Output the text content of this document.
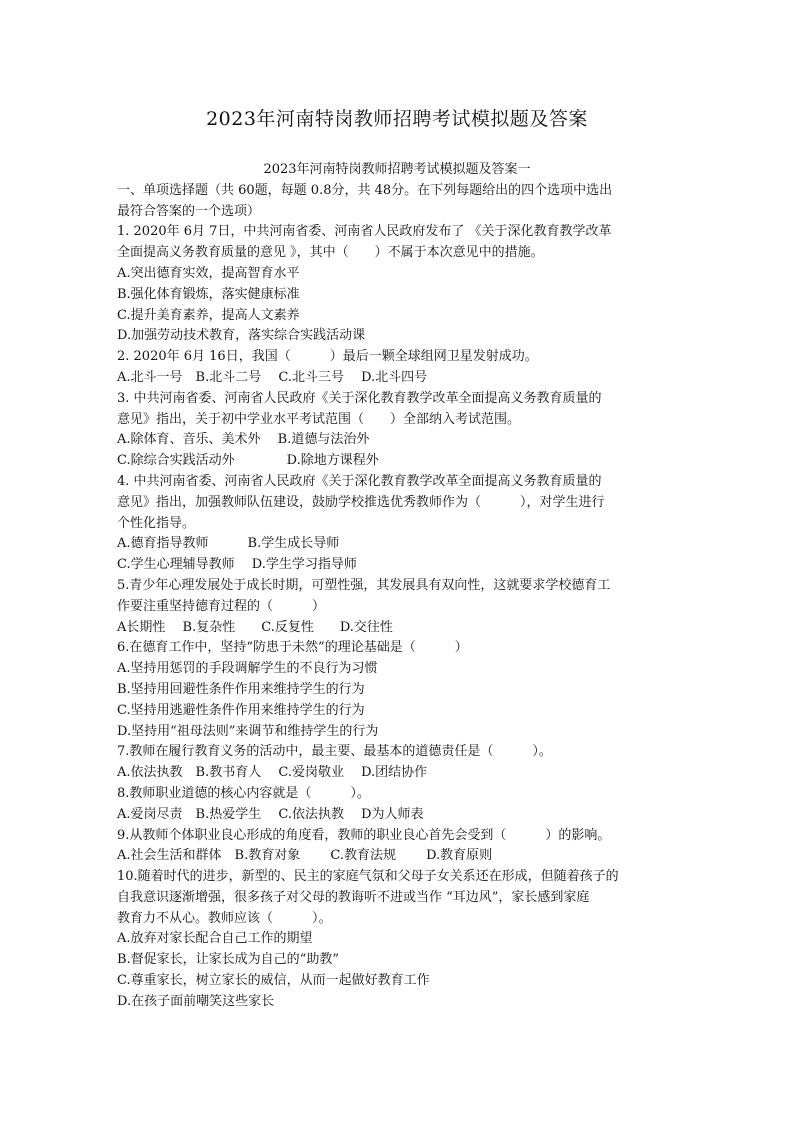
2023年河南特岗教师招聘考试模拟题及答案
2023年河南特岗教师招聘考试模拟题及答案一
一、单项选择题（共 60题，每题 0.8分，共 48分。在下列每题给出的四个选项中选出
最符合答案的一个选项）
1. 2020年 6月 7日，中共河南省委、河南省人民政府发布了 《关于深化教育教学改革
全面提高义务教育质量的意见 》，其中（　　）不属于本次意见中的措施。
A.突出德育实效，提高智育水平
B.强化体育锻炼，落实健康标准
C.提升美育素养，提高人文素养
D.加强劳动技术教育，落实综合实践活动课
2. 2020年 6月 16日，我国（　　　）最后一颗全球组网卫星发射成功。
A.北斗一号　B.北斗二号　 C.北斗三号　 D.北斗四号
3. 中共河南省委、河南省人民政府《关于深化教育教学改革全面提高义务教育质量的
意见》指出，关于初中学业水平考试范围（　　）全部纳入考试范围。
A.除体育、音乐、美术外　 B.道德与法治外
C.除综合实践活动外　　　　D.除地方课程外
4. 中共河南省委、河南省人民政府《关于深化教育教学改革全面提高义务教育质量的
意见》指出，加强教师队伍建设，鼓励学校推选优秀教师作为（　　　），对学生进行
个性化指导。
A.德育指导教师　　　B.学生成长导师
C.学生心理辅导教师　 D.学生学习指导师
5.青少年心理发展处于成长时期，可塑性强，其发展具有双向性，这就要求学校德育工
作要注重坚持德育过程的（　　　）
A长期性　 B.复杂性　　C.反复性　　D.交往性
6.在德育工作中，坚持“防患于未然”的理论基础是（　　　）
A.坚持用惩罚的手段调解学生的不良行为习惯
B.坚持用回避性条件作用来维持学生的行为
C.坚持用逃避性条件作用来维持学生的行为
D.坚持用“祖母法则”来调节和维持学生的行为
7.教师在履行教育义务的活动中，最主要、最基本的道德责任是（　　　）。
A.依法执教　B.教书育人　 C.爱岗敬业　 D.团结协作
8.教师职业道德的核心内容就是（　　　）。
A.爱岗尽责　B.热爱学生　 C.依法执教　 D为人师表
9.从教师个体职业良心形成的角度看，教师的职业良心首先会受到（　　　）的影响。
A.社会生活和群体　B.教育对象　　 C.教育法规　　 D.教育原则
10.随着时代的进步，新型的、民主的家庭气氛和父母子女关系还在形成，但随着孩子的
自我意识逐渐增强，很多孩子对父母的教诲听不进或当作 “耳边风”，家长感到家庭
教育力不从心。教师应该（　　　）。
A.放弃对家长配合自己工作的期望
B.督促家长，让家长成为自己的“助教”
C.尊重家长，树立家长的威信，从而一起做好教育工作
D.在孩子面前嘲笑这些家长
